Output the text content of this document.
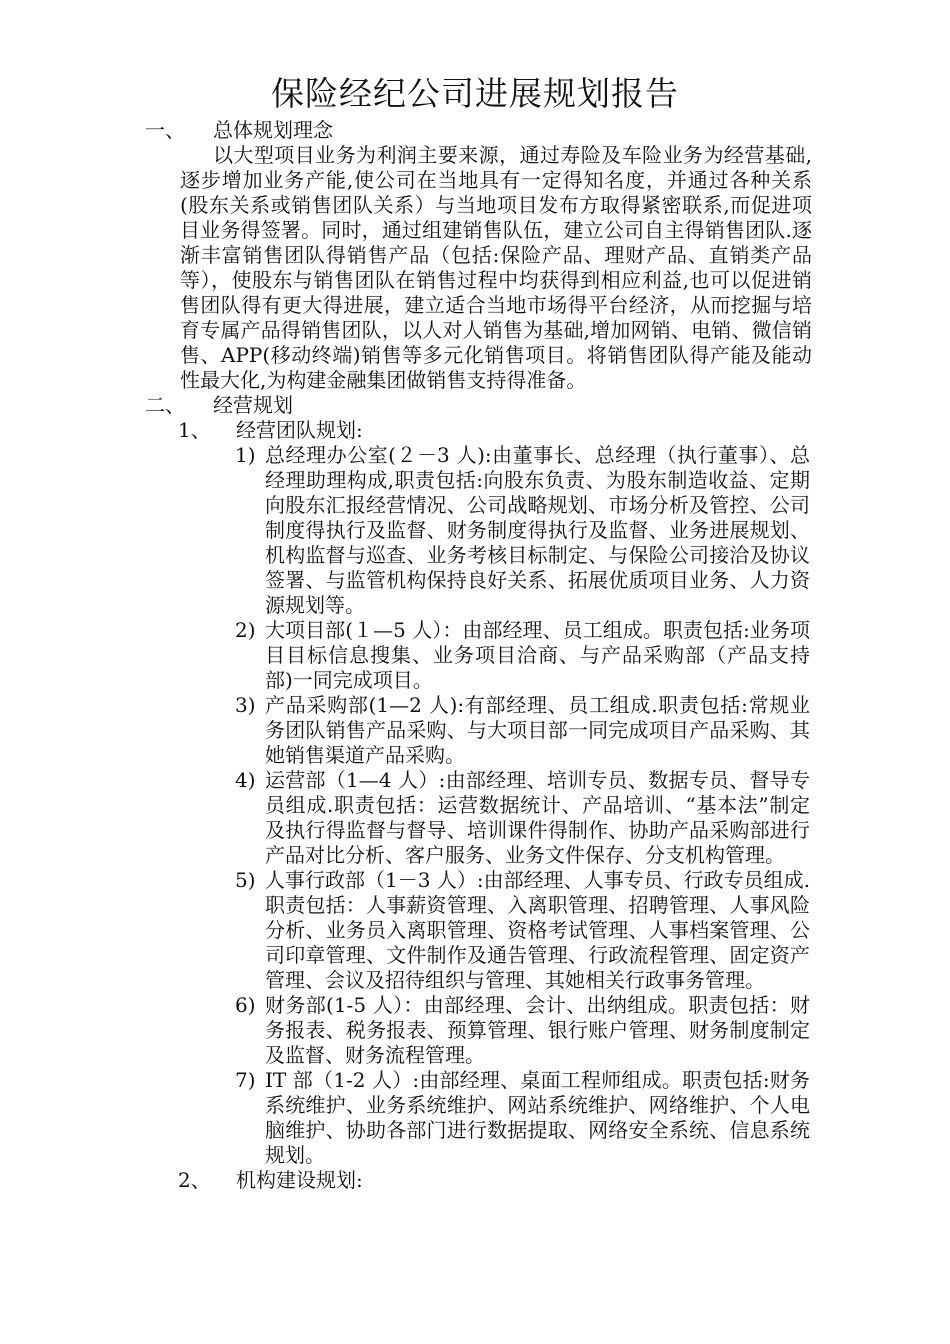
保险经纪公司进展规划报告
一、	总体规划理念
以大型项目业务为利润主要来源，通过寿险及车险业务为经营基础,逐步增加业务产能,使公司在当地具有一定得知名度，并通过各种关系(股东关系或销售团队关系）与当地项目发布方取得紧密联系,而促进项目业务得签署。同时，通过组建销售队伍，建立公司自主得销售团队.逐渐丰富销售团队得销售产品（包括:保险产品、理财产品、直销类产品等），使股东与销售团队在销售过程中均获得到相应利益,也可以促进销售团队得有更大得进展，建立适合当地市场得平台经济，从而挖掘与培育专属产品得销售团队，以人对人销售为基础,增加网销、电销、微信销售、APP(移动终端)销售等多元化销售项目。将销售团队得产能及能动性最大化,为构建金融集团做销售支持得准备。
二、	经营规划
1、	经营团队规划:
1) 总经理办公室(２－3 人):由董事长、总经理（执行董事）、总经理助理构成,职责包括:向股东负责、为股东制造收益、定期向股东汇报经营情况、公司战略规划、市场分析及管控、公司制度得执行及监督、财务制度得执行及监督、业务进展规划、机构监督与巡查、业务考核目标制定、与保险公司接洽及协议签署、与监管机构保持良好关系、拓展优质项目业务、人力资源规划等。
2) 大项目部(１—5 人）：由部经理、员工组成。职责包括:业务项目目标信息搜集、业务项目洽商、与产品采购部（产品支持部)一同完成项目。
3) 产品采购部(1—2 人):有部经理、员工组成.职责包括:常规业务团队销售产品采购、与大项目部一同完成项目产品采购、其她销售渠道产品采购。
4) 运营部（1—4 人）:由部经理、培训专员、数据专员、督导专员组成.职责包括：运营数据统计、产品培训、“基本法”制定及执行得监督与督导、培训课件得制作、协助产品采购部进行产品对比分析、客户服务、业务文件保存、分支机构管理。
5) 人事行政部（1－3 人）:由部经理、人事专员、行政专员组成.职责包括：人事薪资管理、入离职管理、招聘管理、人事风险分析、业务员入离职管理、资格考试管理、人事档案管理、公司印章管理、文件制作及通告管理、行政流程管理、固定资产管理、会议及招待组织与管理、其她相关行政事务管理。
6) 财务部(1-5 人）：由部经理、会计、出纳组成。职责包括：财务报表、税务报表、预算管理、银行账户管理、财务制度制定及监督、财务流程管理。
7) IT 部（1-2 人）:由部经理、桌面工程师组成。职责包括:财务系统维护、业务系统维护、网站系统维护、网络维护、个人电脑维护、协助各部门进行数据提取、网络安全系统、信息系统规划。
2、	机构建设规划:
